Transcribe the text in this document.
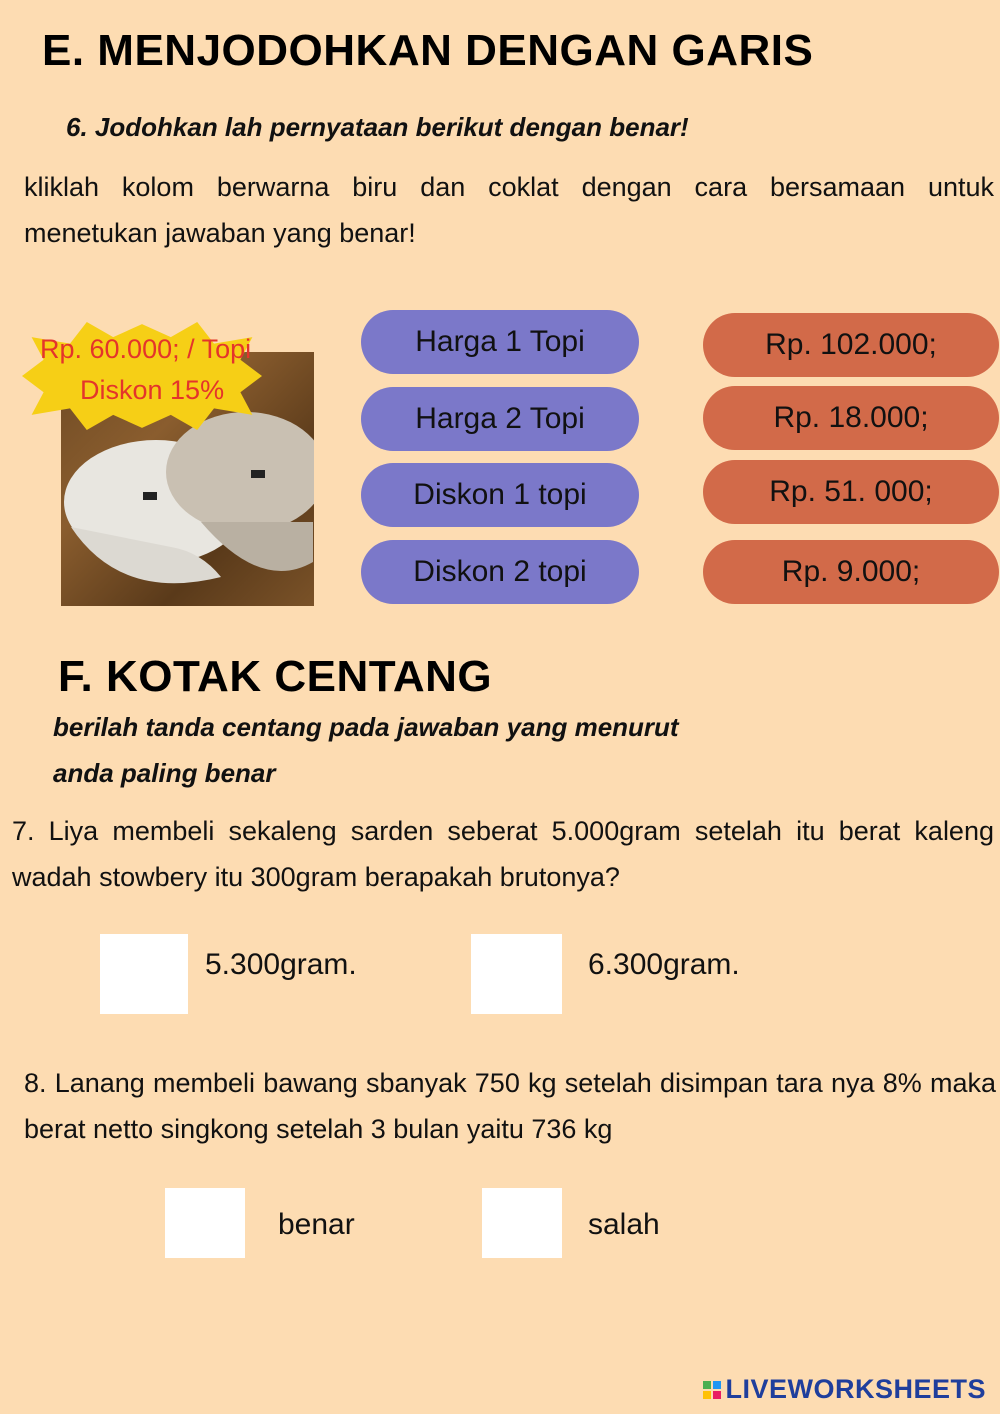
E. MENJODOHKAN DENGAN GARIS
6. Jodohkan lah pernyataan berikut dengan benar!
kliklah kolom berwarna biru dan coklat dengan cara bersamaan untuk menetukan jawaban yang benar!
Rp. 60.000; / Topi
Diskon 15%
Harga 1 Topi
Harga 2 Topi
Diskon 1 topi
Diskon 2 topi
Rp. 102.000;
Rp. 18.000;
Rp. 51. 000;
Rp. 9.000;
F. KOTAK CENTANG
berilah tanda centang pada jawaban yang menurut
anda paling benar
7. Liya membeli sekaleng sarden seberat 5.000gram setelah itu berat kaleng wadah stowbery itu 300gram berapakah brutonya?
5.300gram.	6.300gram.
8. Lanang membeli bawang sbanyak 750 kg setelah disimpan tara nya 8% maka berat netto singkong setelah 3 bulan yaitu 736 kg
benar	salah
LIVEWORKSHEETS
